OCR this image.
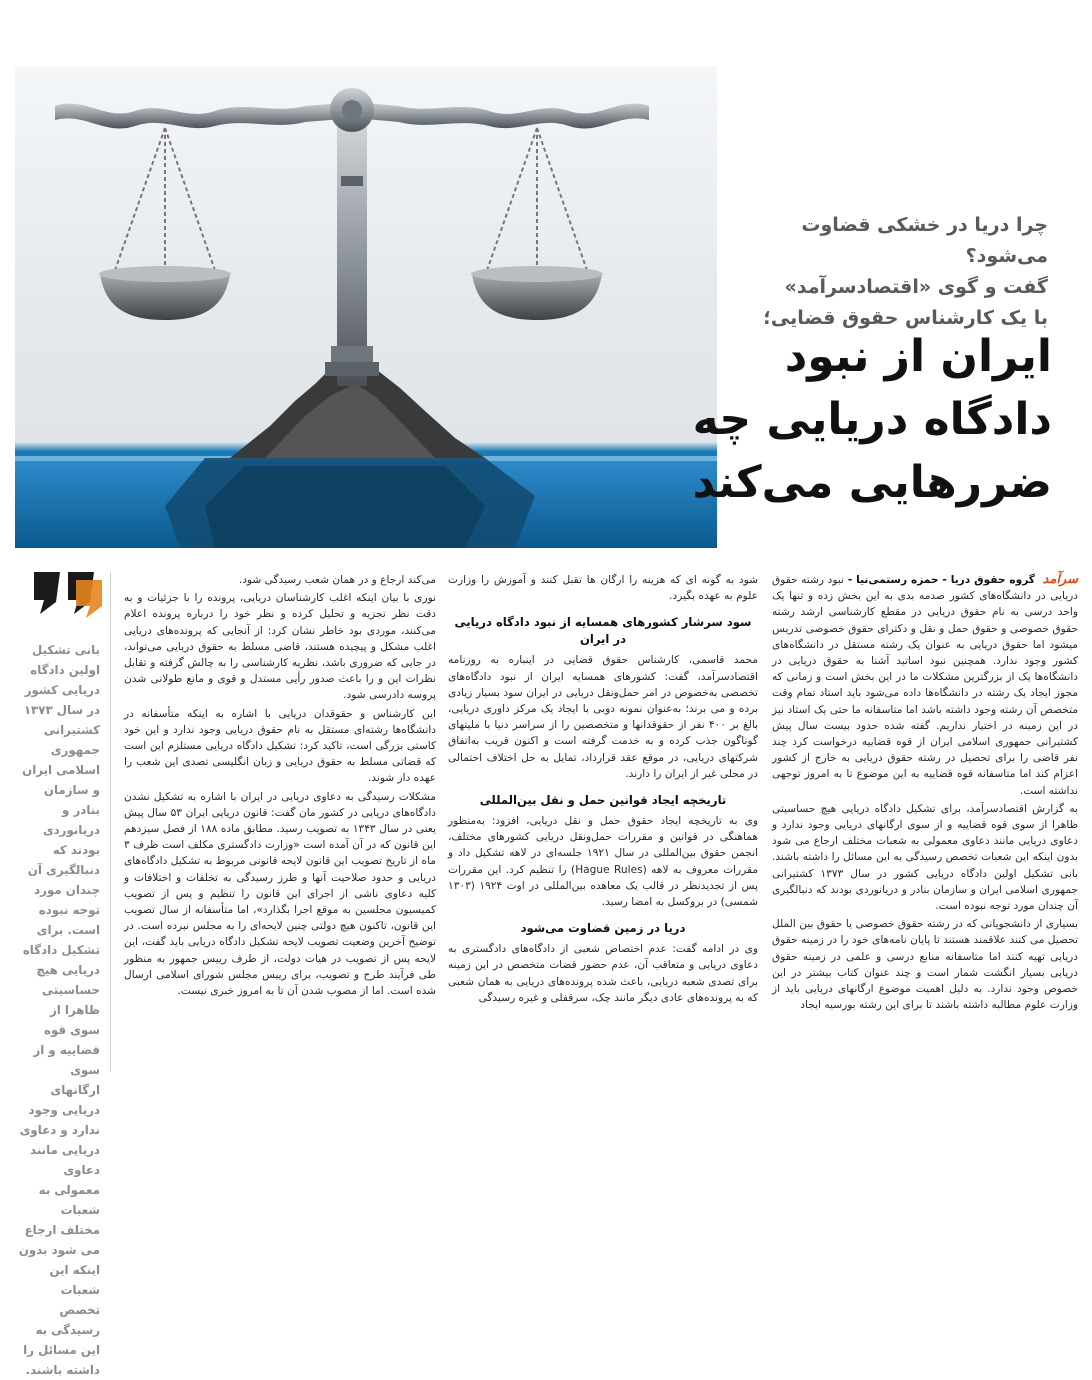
چرا دریا در خشکی قضاوت می‌شود؟
گفت و گوی «اقتصادسرآمد»
با یک کارشناس حقوق قضایی؛
ایران از نبود
دادگاه دریایی چه
ضررهایی می‌کند

سرآمد گروه حقوق دریا - حمزه رستمی‌نیا - نبود رشته حقوق دریایی در دانشگاه‌های کشور صدمه بدی به این بخش زده و تنها یک واحد درسی به نام حقوق دریایی در مقطع کارشناسی ارشد رشته حقوق خصوصی و حقوق حمل و نقل و دکترای حقوق خصوصی تدریس میشود اما حقوق دریایی به عنوان یک رشته مستقل در دانشگاه‌های کشور وجود ندارد. همچنین نبود اساتید آشنا به حقوق دریایی در دانشگاه‌ها یک از بزرگترین مشکلات ما در این بخش است و زمانی که مجوز ایجاد یک رشته در دانشگاه‌ها داده می‌شود باید استاد تمام وقت متخصص آن رشته وجود داشته باشد اما متاسفانه ما حتی یک استاد نیز در این زمینه در اختیار نداریم. گفته شده حدود بیست سال پیش کشتیرانی جمهوری اسلامی ایران از قوه قضاییه درخواست کرد چند نفر قاضی را برای تحصیل در رشته حقوق دریایی به خارج از کشور اعزام کند اما متاسفانه قوه قضاییه به این موضوع تا به امروز توجهی نداشته است.

به گزارش اقتصادسرآمد، برای تشکیل دادگاه دریایی هیچ حساسیتی ظاهرا از سوی قوه قضاییه و از سوی ارگانهای دریایی وجود ندارد و دعاوی دریایی مانند دعاوی معمولی به شعبات مختلف ارجاع می شود بدون اینکه این شعبات تخصص رسیدگی به این مسائل را داشته باشند. بانی تشکیل اولین دادگاه دریایی کشور در سال ۱۳۷۳ کشتیرانی جمهوری اسلامی ایران و سازمان بنادر و دریانوردی بودند که دنبالگیری آن چندان مورد توجه نبوده است.

بسیاری از دانشجویانی که در رشته حقوق خصوصی یا حقوق بین الملل تحصیل می کنند علاقمند هستند تا پایان نامه‌های خود را در زمینه حقوق دریایی تهیه کنند اما متاسفانه منابع درسی و علمی در زمینه حقوق دریایی بسیار انگشت شمار است و چند عنوان کتاب بیشتر در این خصوص وجود ندارد. به دلیل اهمیت موضوع ارگانهای دریایی باید از وزارت علوم مطالبه داشته باشند تا برای این رشته بورسیه ایجاد

شود به گونه ای که هزینه را ارگان ها تقبل کنند و آموزش را وزارت علوم به عهده بگیرد.

سود سرشار کشورهای همسایه از نبود دادگاه دریایی در ایران

محمد قاسمی، کارشناس حقوق قضایی در اینباره به روزنامه اقتصادسرآمد، گفت: کشورهای همسایه ایران از نبود دادگاه‌های تخصصی به‌خصوص در امر حمل‌ونقل دریایی در ایران سود بسیار زیادی برده و می برند؛ به‌عنوان نمونه دوبی با ایجاد یک مرکز داوری دریایی، بالغ بر ۴۰۰ نفر از حقوقدانها و متخصصین را از سراسر دنیا با ملیتهای گوناگون جذب کرده و به خدمت گرفته است و اکنون قریب به‌اتفاق شرکتهای دریایی، در موقع عقد قرارداد، تمایل به حل اختلاف احتمالی در محلی غیر از ایران را دارند.

تاریخچه ایجاد قوانین حمل و نقل بین‌المللی

وی به تاریخچه ایجاد حقوق حمل و نقل دریایی، افزود: به‌منظور هماهنگی در قوانین و مقررات حمل‌ونقل دریایی کشورهای مختلف، انجمن حقوق بین‌المللی در سال ۱۹۲۱ جلسه‌ای در لاهه تشکیل داد و مقررات معروف به لاهه (Hague Rules) را تنظیم کرد. این مقررات پس از تجدیدنظر در قالب یک معاهده بین‌المللی در اوت ۱۹۲۴ (۱۳۰۳ شمسی) در بروکسل به امضا رسید.

دریا در زمین قضاوت می‌شود

وی در ادامه گفت: عدم اختصاص شعبی از دادگاه‌های دادگستری به دعاوی دریایی و متعاقب آن، عدم حضور قضات متخصص در این زمینه برای تصدی شعبه دریایی، باعث شده پرونده‌های دریایی به همان شعبی که به پرونده‌های عادی دیگر مانند چک، سرقفلی و غیره رسیدگی

می‌کند ارجاع و در همان شعب رسیدگی شود.

نوری با بیان اینکه اغلب کارشناسان دریایی، پرونده را با جزئیات و به دقت نظر تجزیه و تحلیل کرده و نظر خود را درباره پرونده اعلام می‌کنند، موردی بود خاطر نشان کرد: از آنجایی که پرونده‌های دریایی اغلب مشکل و پیچیده هستند، قاضی مسلط به حقوق دریایی می‌تواند، در جایی که ضروری باشد، نظریه کارشناسی را به چالش گرفته و تقابل نظرات این و را باعث صدور رأیی مستدل و قوی و مانع طولانی شدن پروسه دادرسی شود.

این کارشناس و حقوقدان دریایی با اشاره به اینکه متأسفانه در دانشگاه‌ها رشته‌ای مستقل به نام حقوق دریایی وجود ندارد و این خود کاستی بزرگی است، تاکید کرد: تشکیل دادگاه دریایی مستلزم این است که قضاتی مسلط به حقوق دریایی و زبان انگلیسی تصدی این شعب را عهده دار شوند.

مشکلات رسیدگی به دعاوی دریایی در ایران با اشاره به تشکیل نشدن دادگاه‌های دریایی در کشور مان گفت: قانون دریایی ایران ۵۳ سال پیش یعنی در سال ۱۳۴۳ به تصویب رسید. مطابق ماده ۱۸۸ از فصل سیزدهم این قانون که در آن آمده است «وزارت دادگستری مکلف است ظرف ۳ ماه از تاریخ تصویب این قانون لایحه قانونی مربوط به تشکیل دادگاه‌های دریایی و حدود صلاحیت آنها و طرز رسیدگی به تخلفات و اختلافات و کلیه دعاوی ناشی از اجرای این قانون را تنظیم و پس از تصویب کمیسیون مجلسین به موقع اجرا بگذارد»، اما متأسفانه از سال تصویب این قانون، تاکنون هیچ دولتی چنین لایحه‌ای را به مجلس نبرده است. در توضیح آخرین وضعیت تصویب لایحه تشکیل دادگاه دریایی باید گفت، این لایحه پس از تصویب در هیات دولت، از طرف رییس جمهور به منظور طی فرآیند طرح و تصویب، برای رییس مجلس شورای اسلامی ارسال شده است. اما از مصوب شدن آن تا به امروز خبری نیست.

بانی تشکیل اولین دادگاه دریایی کشور در سال ۱۳۷۳ کشتیرانی جمهوری اسلامی ایران و سازمان بنادر و دریانوردی بودند که دنبالگیری آن چندان مورد توجه نبوده است. برای تشکیل دادگاه دریایی هیچ حساسیتی ظاهرا از سوی قوه قضاییه و از سوی ارگانهای دریایی وجود ندارد و دعاوی دریایی مانند دعاوی معمولی به شعبات مختلف ارجاع می شود بدون اینکه این شعبات تخصص رسیدگی به این مسائل را داشته باشند.
